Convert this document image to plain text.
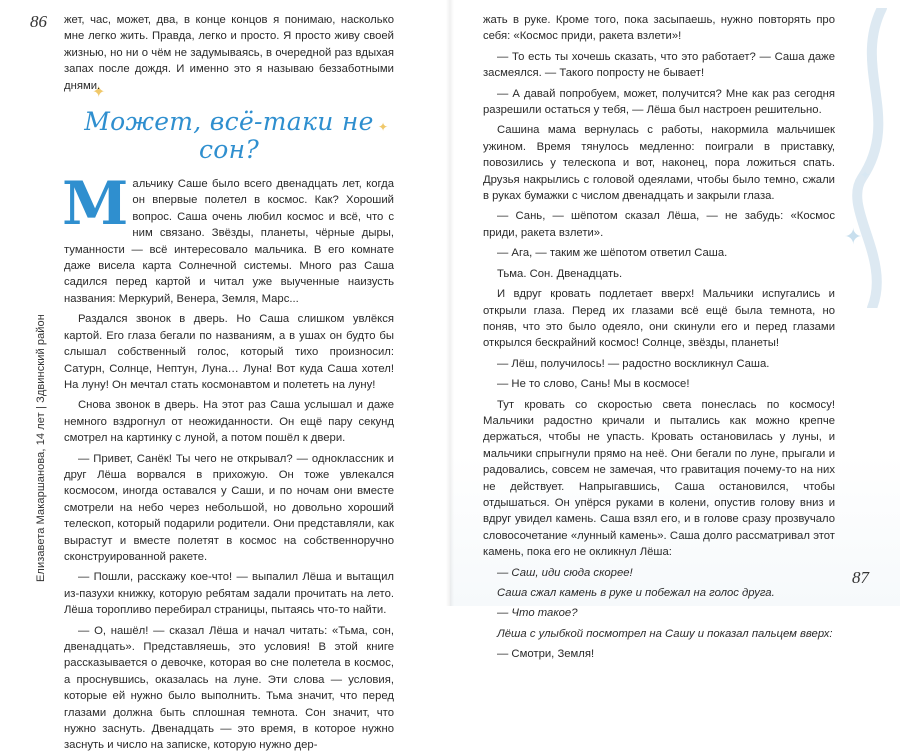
✦
✦
✦
✦
86
87
Елизавета Макаршанова, 14 лет | Здвинский район

жет, час, может, два, в конце концов я понимаю, насколько мне легко жить. Правда, легко и просто. Я просто живу своей жизнью, но ни о чём не задумываясь, в очередной раз вдыхая запах после дождя. И именно это я называю беззаботными днями.

Может, всё-таки не сон?

Мальчику Саше было всего двенадцать лет, когда он впервые полетел в космос. Как? Хороший вопрос. Саша очень любил космос и всё, что с ним связано. Звёзды, планеты, чёрные дыры, туманности — всё интересовало мальчика. В его комнате даже висела карта Солнечной системы. Много раз Саша садился перед картой и читал уже выученные наизусть названия: Меркурий, Венера, Земля, Марс...

Раздался звонок в дверь. Но Саша слишком увлёкся картой. Его глаза бегали по названиям, а в ушах он будто бы слышал собственный голос, который тихо произносил: Сатурн, Солнце, Нептун, Луна… Луна! Вот куда Саша хотел! На луну! Он мечтал стать космонавтом и полететь на луну!

Снова звонок в дверь. На этот раз Саша услышал и даже немного вздрогнул от неожиданности. Он ещё пару секунд смотрел на картинку с луной, а потом пошёл к двери.

— Привет, Санёк! Ты чего не открывал? — одноклассник и друг Лёша ворвался в прихожую. Он тоже увлекался космосом, иногда оставался у Саши, и по ночам они вместе смотрели на небо через небольшой, но довольно хороший телескоп, который подарили родители. Они представляли, как вырастут и вместе полетят в космос на собственноручно сконструированной ракете.

— Пошли, расскажу кое-что! — выпалил Лёша и вытащил из-пазухи книжку, которую ребятам задали прочитать на лето. Лёша торопливо перебирал страницы, пытаясь что-то найти.

— О, нашёл! — сказал Лёша и начал читать: «Тьма, сон, двенадцать». Представляешь, это условия! В этой книге рассказывается о девочке, которая во сне полетела в космос, а проснувшись, оказалась на луне. Эти слова — условия, которые ей нужно было выполнить. Тьма значит, что перед глазами должна быть сплошная темнота. Сон значит, что нужно заснуть. Двенадцать — это время, в которое нужно заснуть и число на записке, которую нужно дер-

жать в руке. Кроме того, пока засыпаешь, нужно повторять про себя: «Космос приди, ракета взлети»!

— То есть ты хочешь сказать, что это работает? — Саша даже засмеялся. — Такого попросту не бывает!

— А давай попробуем, может, получится? Мне как раз сегодня разрешили остаться у тебя, — Лёша был настроен решительно.

Сашина мама вернулась с работы, накормила мальчишек ужином. Время тянулось медленно: поиграли в приставку, повозились у телескопа и вот, наконец, пора ложиться спать. Друзья накрылись с головой одеялами, чтобы было темно, сжали в руках бумажки с числом двенадцать и закрыли глаза.

— Сань, — шёпотом сказал Лёша, — не забудь: «Космос приди, ракета взлети».

— Ага, — таким же шёпотом ответил Саша.

Тьма. Сон. Двенадцать.

И вдруг кровать подлетает вверх! Мальчики испугались и открыли глаза. Перед их глазами всё ещё была темнота, но поняв, что это было одеяло, они скинули его и перед глазами открылся бескрайний космос! Солнце, звёзды, планеты!

— Лёш, получилось! — радостно воскликнул Саша.

— Не то слово, Сань! Мы в космосе!

Тут кровать со скоростью света понеслась по космосу! Мальчики радостно кричали и пытались как можно крепче держаться, чтобы не упасть. Кровать остановилась у луны, и мальчики спрыгнули прямо на неё. Они бегали по луне, прыгали и радовались, совсем не замечая, что гравитация почему-то на них не действует. Напрыгавшись, Саша остановился, чтобы отдышаться. Он упёрся руками в колени, опустив голову вниз и вдруг увидел камень. Саша взял его, и в голове сразу прозвучало словосочетание «лунный камень». Саша долго рассматривал этот камень, пока его не окликнул Лёша:

— Саш, иди сюда скорее!

Саша сжал камень в руке и побежал на голос друга.

— Что такое?

Лёша с улыбкой посмотрел на Сашу и показал пальцем вверх:

— Смотри, Земля!
